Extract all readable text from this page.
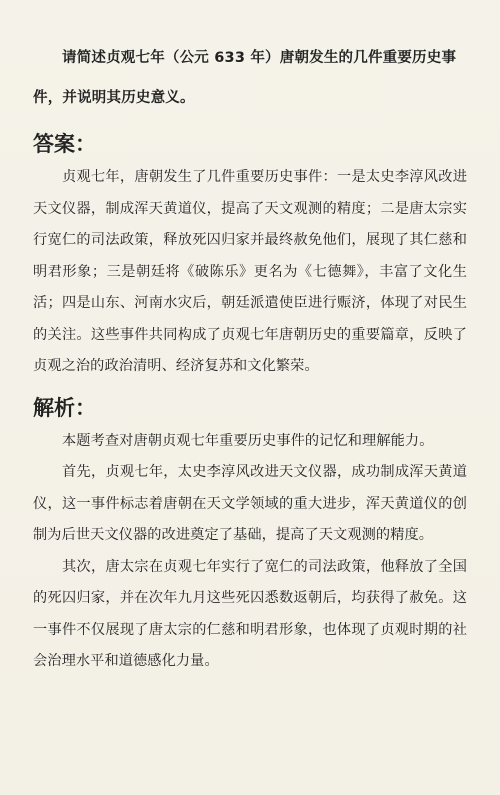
请简述贞观七年（公元 633 年）唐朝发生的几件重要历史事件，并说明其历史意义。

答案：

贞观七年，唐朝发生了几件重要历史事件：一是太史李淳风改进天文仪器，制成浑天黄道仪，提高了天文观测的精度；二是唐太宗实行宽仁的司法政策，释放死囚归家并最终赦免他们，展现了其仁慈和明君形象；三是朝廷将《破陈乐》更名为《七德舞》，丰富了文化生活；四是山东、河南水灾后，朝廷派遣使臣进行赈济，体现了对民生的关注。这些事件共同构成了贞观七年唐朝历史的重要篇章，反映了贞观之治的政治清明、经济复苏和文化繁荣。

解析：

本题考查对唐朝贞观七年重要历史事件的记忆和理解能力。

首先，贞观七年，太史李淳风改进天文仪器，成功制成浑天黄道仪，这一事件标志着唐朝在天文学领域的重大进步，浑天黄道仪的创制为后世天文仪器的改进奠定了基础，提高了天文观测的精度。

其次，唐太宗在贞观七年实行了宽仁的司法政策，他释放了全国的死囚归家，并在次年九月这些死囚悉数返朝后，均获得了赦免。这一事件不仅展现了唐太宗的仁慈和明君形象，也体现了贞观时期的社会治理水平和道德感化力量。
